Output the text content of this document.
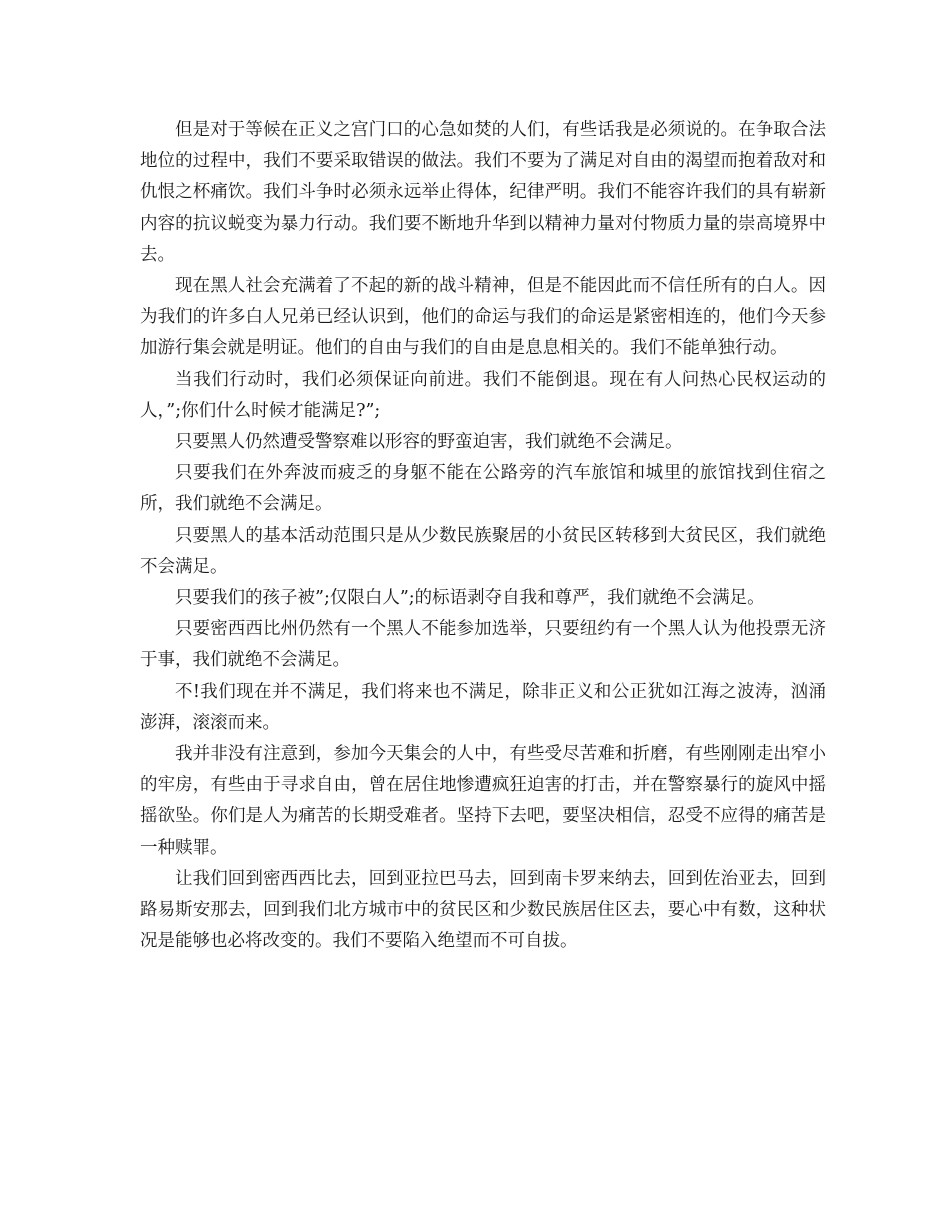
但是对于等候在正义之宫门口的心急如焚的人们，有些话我是必须说的。在争取合法地位的过程中，我们不要采取错误的做法。我们不要为了满足对自由的渴望而抱着敌对和仇恨之杯痛饮。我们斗争时必须永远举止得体，纪律严明。我们不能容许我们的具有崭新内容的抗议蜕变为暴力行动。我们要不断地升华到以精神力量对付物质力量的崇高境界中去。

现在黑人社会充满着了不起的新的战斗精神，但是不能因此而不信任所有的白人。因为我们的许多白人兄弟已经认识到，他们的命运与我们的命运是紧密相连的，他们今天参加游行集会就是明证。他们的自由与我们的自由是息息相关的。我们不能单独行动。

当我们行动时，我们必须保证向前进。我们不能倒退。现在有人问热心民权运动的人，”;你们什么时候才能满足?”;

只要黑人仍然遭受警察难以形容的野蛮迫害，我们就绝不会满足。

只要我们在外奔波而疲乏的身躯不能在公路旁的汽车旅馆和城里的旅馆找到住宿之所，我们就绝不会满足。

只要黑人的基本活动范围只是从少数民族聚居的小贫民区转移到大贫民区，我们就绝不会满足。

只要我们的孩子被”;仅限白人”;的标语剥夺自我和尊严，我们就绝不会满足。

只要密西西比州仍然有一个黑人不能参加选举，只要纽约有一个黑人认为他投票无济于事，我们就绝不会满足。

不!我们现在并不满足，我们将来也不满足，除非正义和公正犹如江海之波涛，汹涌澎湃，滚滚而来。

我并非没有注意到，参加今天集会的人中，有些受尽苦难和折磨，有些刚刚走出窄小的牢房，有些由于寻求自由，曾在居住地惨遭疯狂迫害的打击，并在警察暴行的旋风中摇摇欲坠。你们是人为痛苦的长期受难者。坚持下去吧，要坚决相信，忍受不应得的痛苦是一种赎罪。

让我们回到密西西比去，回到亚拉巴马去，回到南卡罗来纳去，回到佐治亚去，回到路易斯安那去，回到我们北方城市中的贫民区和少数民族居住区去，要心中有数，这种状况是能够也必将改变的。我们不要陷入绝望而不可自拔。
